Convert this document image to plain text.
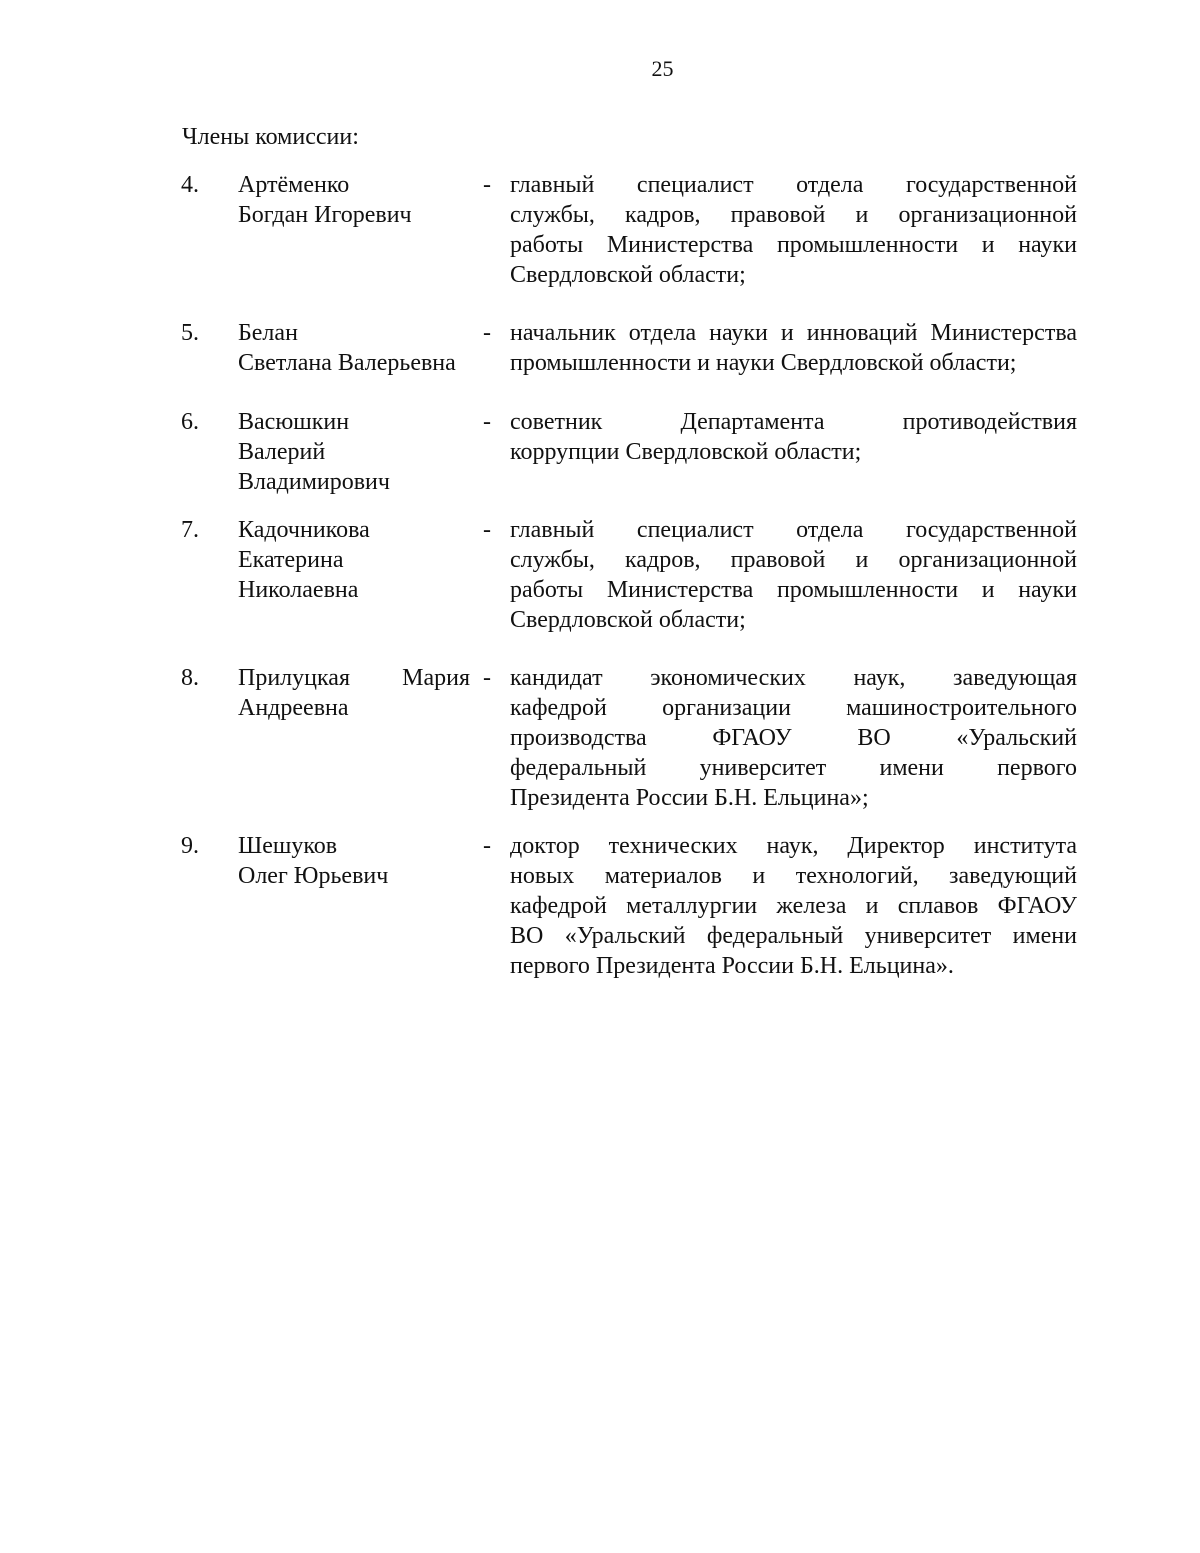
25
Члены комиссии:
4. Артёменко
Богдан Игоревич
- главный специалист отдела государственной
службы, кадров, правовой и организационной
работы Министерства промышленности и науки
Свердловской области;
5. Белан
Светлана Валерьевна
- начальник отдела науки и инноваций Министерства
промышленности и науки Свердловской области;
6. Васюшкин
Валерий
Владимирович
- советник Департамента противодействия
коррупции Свердловской области;
7. Кадочникова
Екатерина
Николаевна
- главный специалист отдела государственной
службы, кадров, правовой и организационной
работы Министерства промышленности и науки
Свердловской области;
8. Прилуцкая Мария
Андреевна
- кандидат экономических наук, заведующая
кафедрой организации машиностроительного
производства ФГАОУ ВО «Уральский
федеральный университет имени первого
Президента России Б.Н. Ельцина»;
9. Шешуков
Олег Юрьевич
- доктор технических наук, Директор института
новых материалов и технологий, заведующий
кафедрой металлургии железа и сплавов ФГАОУ
ВО «Уральский федеральный университет имени
первого Президента России Б.Н. Ельцина».
